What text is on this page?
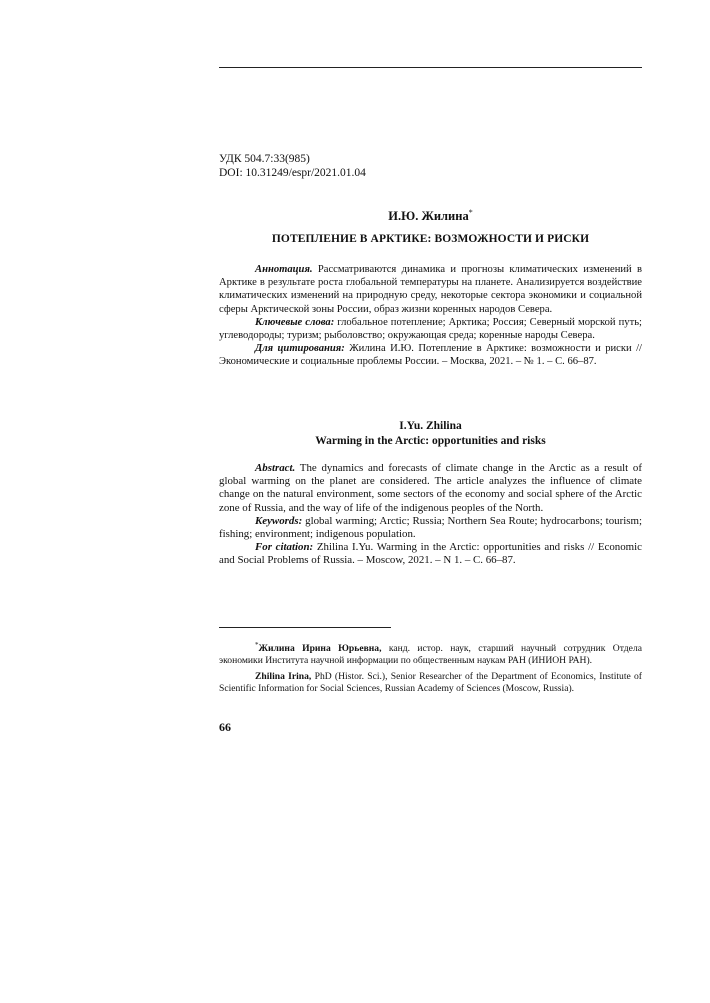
УДК 504.7:33(985)
DOI: 10.31249/espr/2021.01.04
И.Ю. Жилина*
ПОТЕПЛЕНИЕ В АРКТИКЕ: ВОЗМОЖНОСТИ И РИСКИ

Аннотация. Рассматриваются динамика и прогнозы климатических изменений в Арктике в результате роста глобальной температуры на планете. Анализируется воздействие климатических изменений на природную среду, некоторые сектора экономики и социальной сферы Арктической зоны России, образ жизни коренных народов Севера.

Ключевые слова: глобальное потепление; Арктика; Россия; Северный морской путь; углеводороды; туризм; рыболовство; окружающая среда; коренные народы Севера.

Для цитирования: Жилина И.Ю. Потепление в Арктике: возможности и риски // Экономические и социальные проблемы России. – Москва, 2021. – № 1. – С. 66–87.

I.Yu. Zhilina
Warming in the Arctic: opportunities and risks

Abstract. The dynamics and forecasts of climate change in the Arctic as a result of global warming on the planet are considered. The article analyzes the influence of climate change on the natural environment, some sectors of the economy and social sphere of the Arctic zone of Russia, and the way of life of the indigenous peoples of the North.

Keywords: global warming; Arctic; Russia; Northern Sea Route; hydrocarbons; tourism; fishing; environment; indigenous population.

For citation: Zhilina I.Yu. Warming in the Arctic: opportunities and risks // Economic and Social Problems of Russia. – Moscow, 2021. – N 1. – C. 66–87.

*Жилина Ирина Юрьевна, канд. истор. наук, старший научный сотрудник Отдела экономики Института научной информации по общественным наукам РАН (ИНИОН РАН).

Zhilina Irina, PhD (Histor. Sci.), Senior Researcher of the Department of Economics, Institute of Scientific Information for Social Sciences, Russian Academy of Sciences (Moscow, Russia).

66
